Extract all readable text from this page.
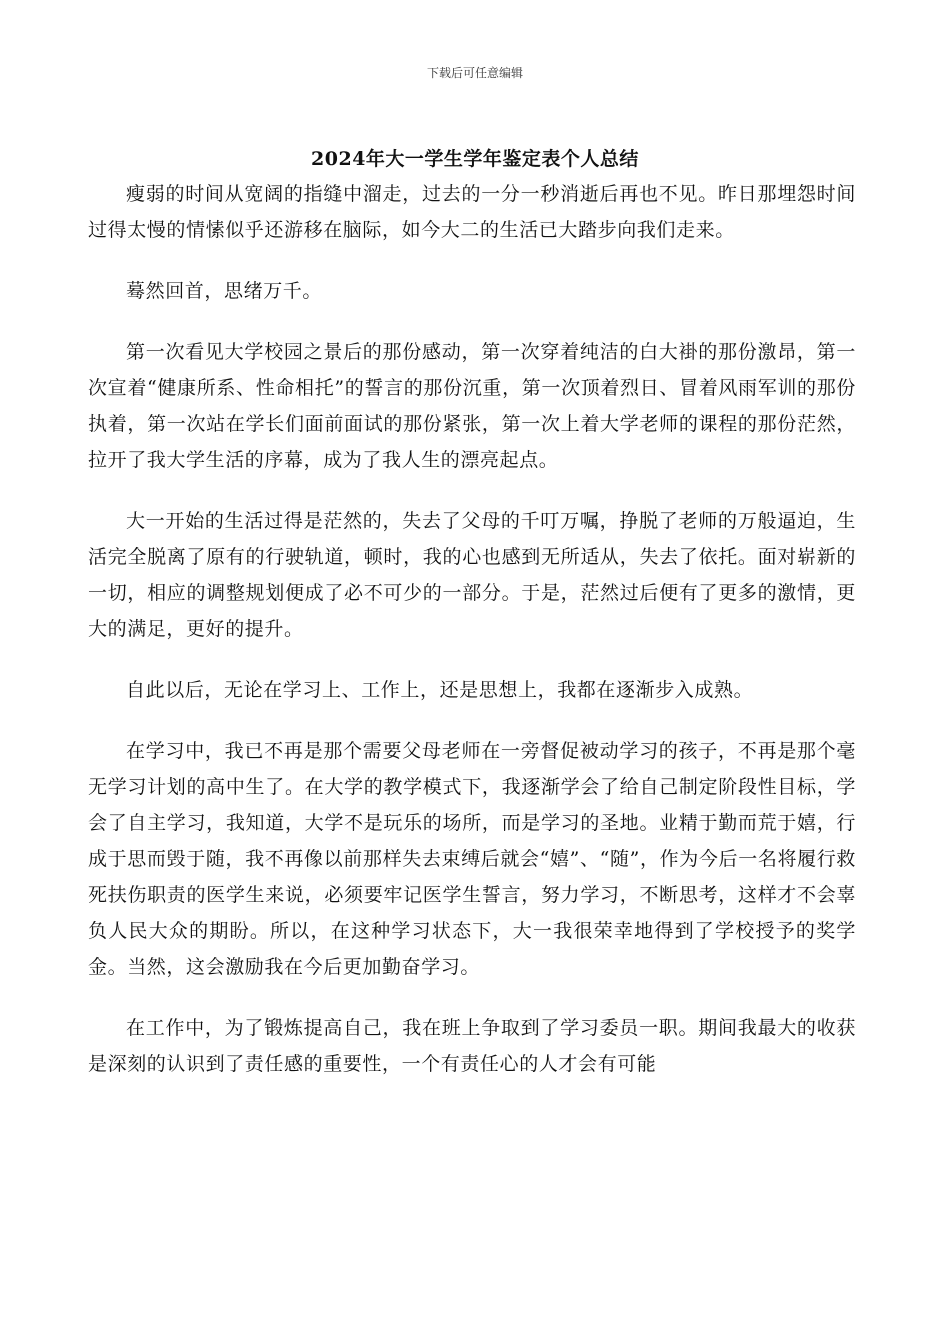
下载后可任意编辑
2024年大一学生学年鉴定表个人总结

瘦弱的时间从宽阔的指缝中溜走，过去的一分一秒消逝后再也不见。昨日那埋怨时间过得太慢的情愫似乎还游移在脑际，如今大二的生活已大踏步向我们走来。

蓦然回首，思绪万千。

第一次看见大学校园之景后的那份感动，第一次穿着纯洁的白大褂的那份激昂，第一次宣着“健康所系、性命相托”的誓言的那份沉重，第一次顶着烈日、冒着风雨军训的那份执着，第一次站在学长们面前面试的那份紧张，第一次上着大学老师的课程的那份茫然，拉开了我大学生活的序幕，成为了我人生的漂亮起点。

大一开始的生活过得是茫然的，失去了父母的千叮万嘱，挣脱了老师的万般逼迫，生活完全脱离了原有的行驶轨道，顿时，我的心也感到无所适从，失去了依托。面对崭新的一切，相应的调整规划便成了必不可少的一部分。于是，茫然过后便有了更多的激情，更大的满足，更好的提升。

自此以后，无论在学习上、工作上，还是思想上，我都在逐渐步入成熟。

在学习中，我已不再是那个需要父母老师在一旁督促被动学习的孩子，不再是那个毫无学习计划的高中生了。在大学的教学模式下，我逐渐学会了给自己制定阶段性目标，学会了自主学习，我知道，大学不是玩乐的场所，而是学习的圣地。业精于勤而荒于嬉，行成于思而毁于随，我不再像以前那样失去束缚后就会“嬉”、“随”，作为今后一名将履行救死扶伤职责的医学生来说，必须要牢记医学生誓言，努力学习，不断思考，这样才不会辜负人民大众的期盼。所以，在这种学习状态下，大一我很荣幸地得到了学校授予的奖学金。当然，这会激励我在今后更加勤奋学习。

在工作中，为了锻炼提高自己，我在班上争取到了学习委员一职。期间我最大的收获是深刻的认识到了责任感的重要性，一个有责任心的人才会有可能
